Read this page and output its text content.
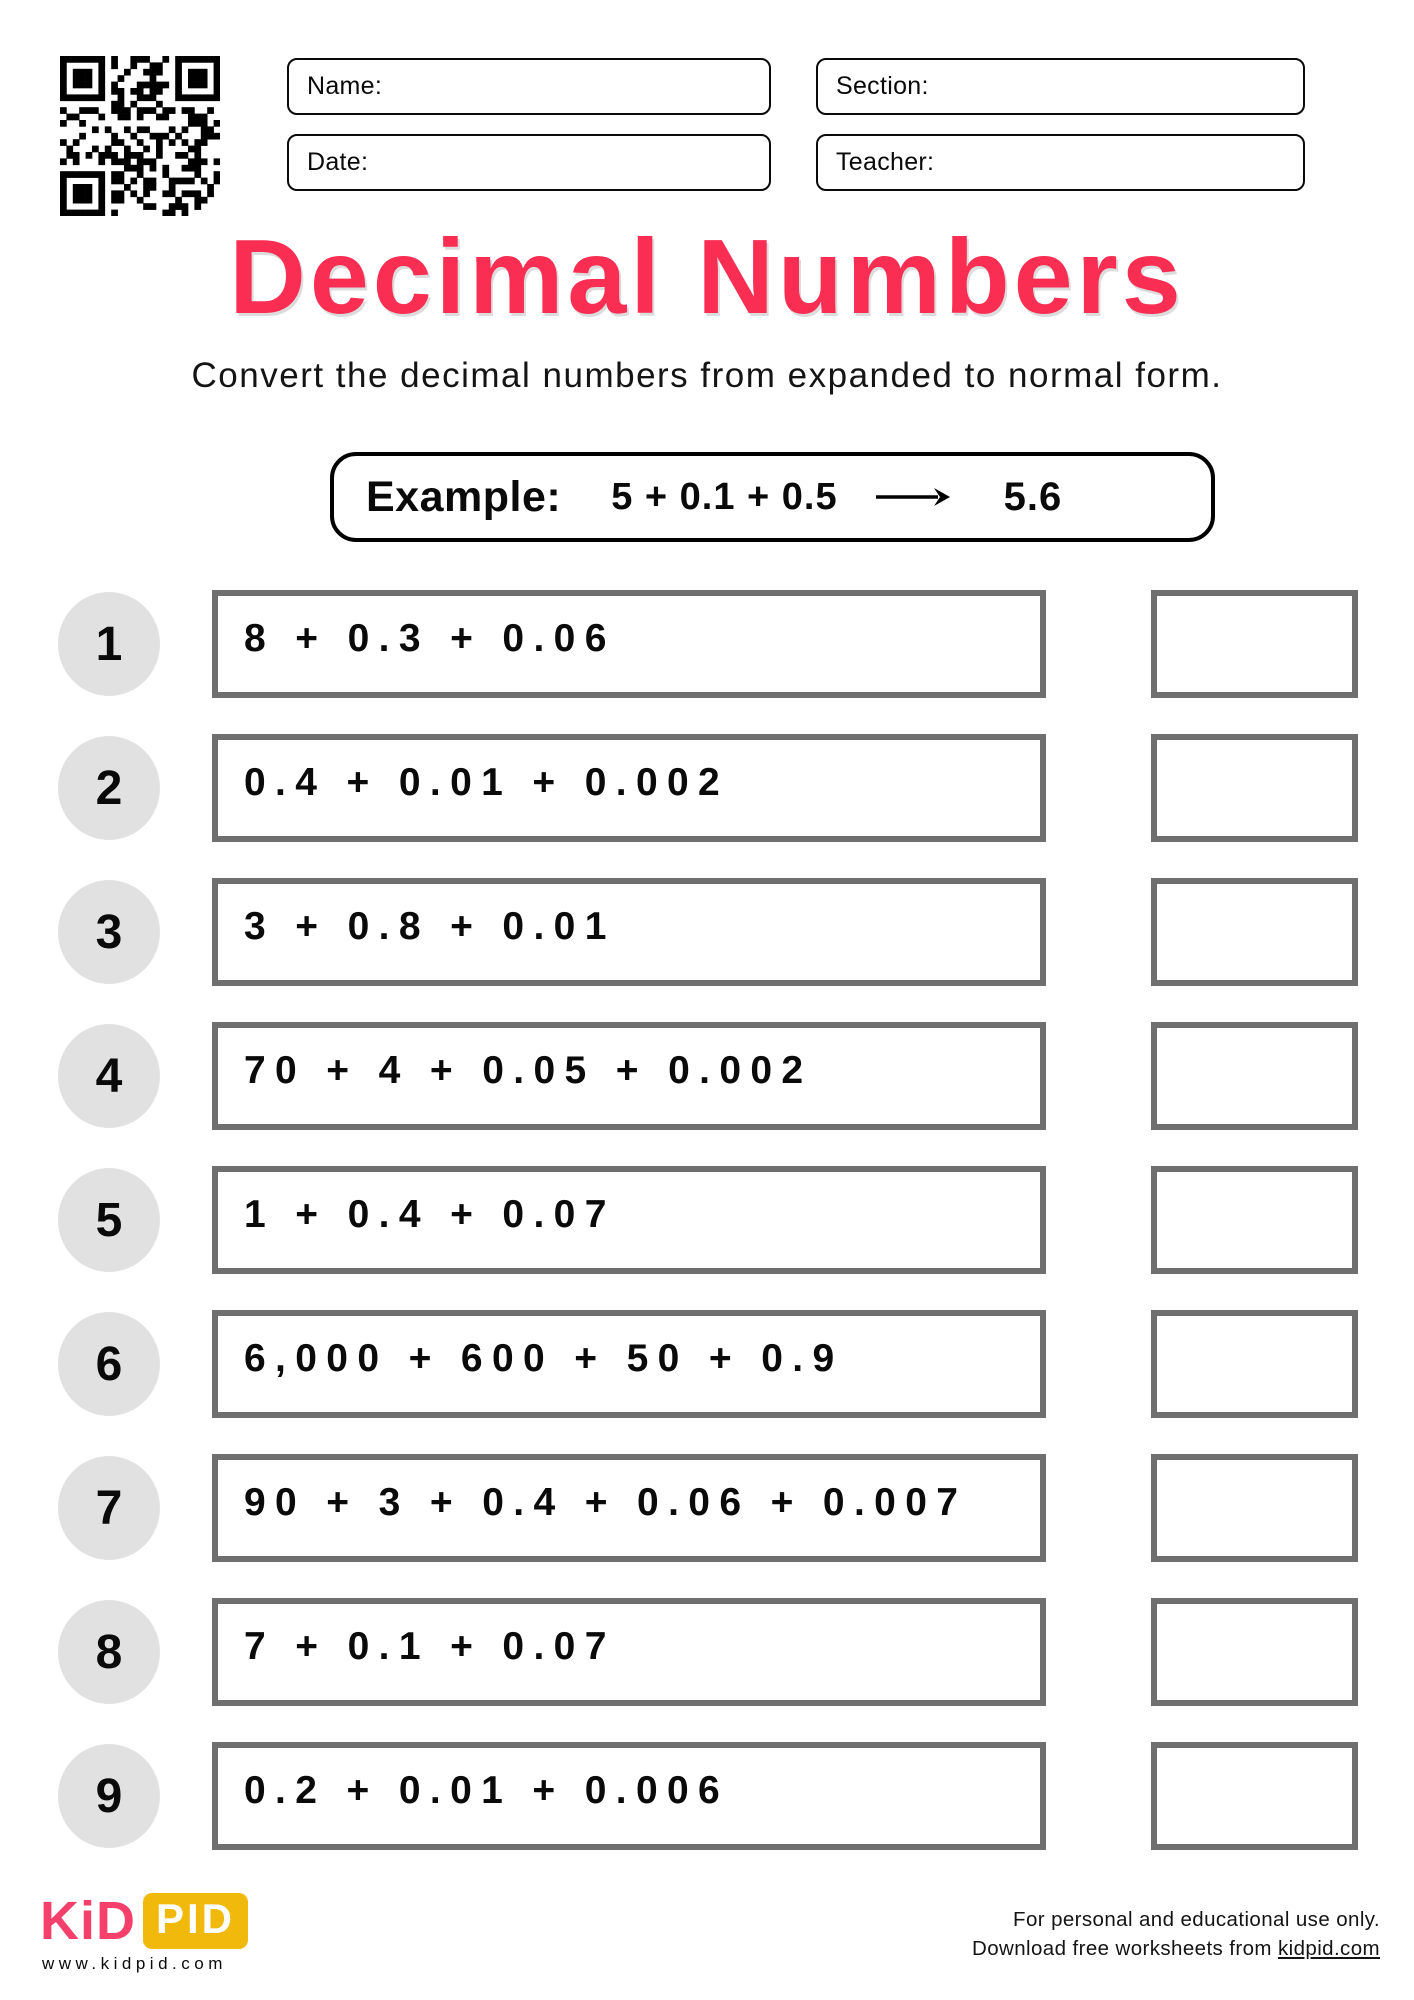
Name:	Section:
Date:	Teacher:
Decimal Numbers
Convert the decimal numbers from expanded to normal form.
Example: 5 + 0.1 + 0.5	5.6
1	8 + 0.3 + 0.06
2	0.4 + 0.01 + 0.002
3	3 + 0.8 + 0.01
4	70 + 4 + 0.05 + 0.002
5	1 + 0.4 + 0.07
6	6,000 + 600 + 50 + 0.9
7	90 + 3 + 0.4 + 0.06 + 0.007
8	7 + 0.1 + 0.07
9	0.2 + 0.01 + 0.006
KiD PID
www.kidpid.com
For personal and educational use only.
Download free worksheets from kidpid.com
